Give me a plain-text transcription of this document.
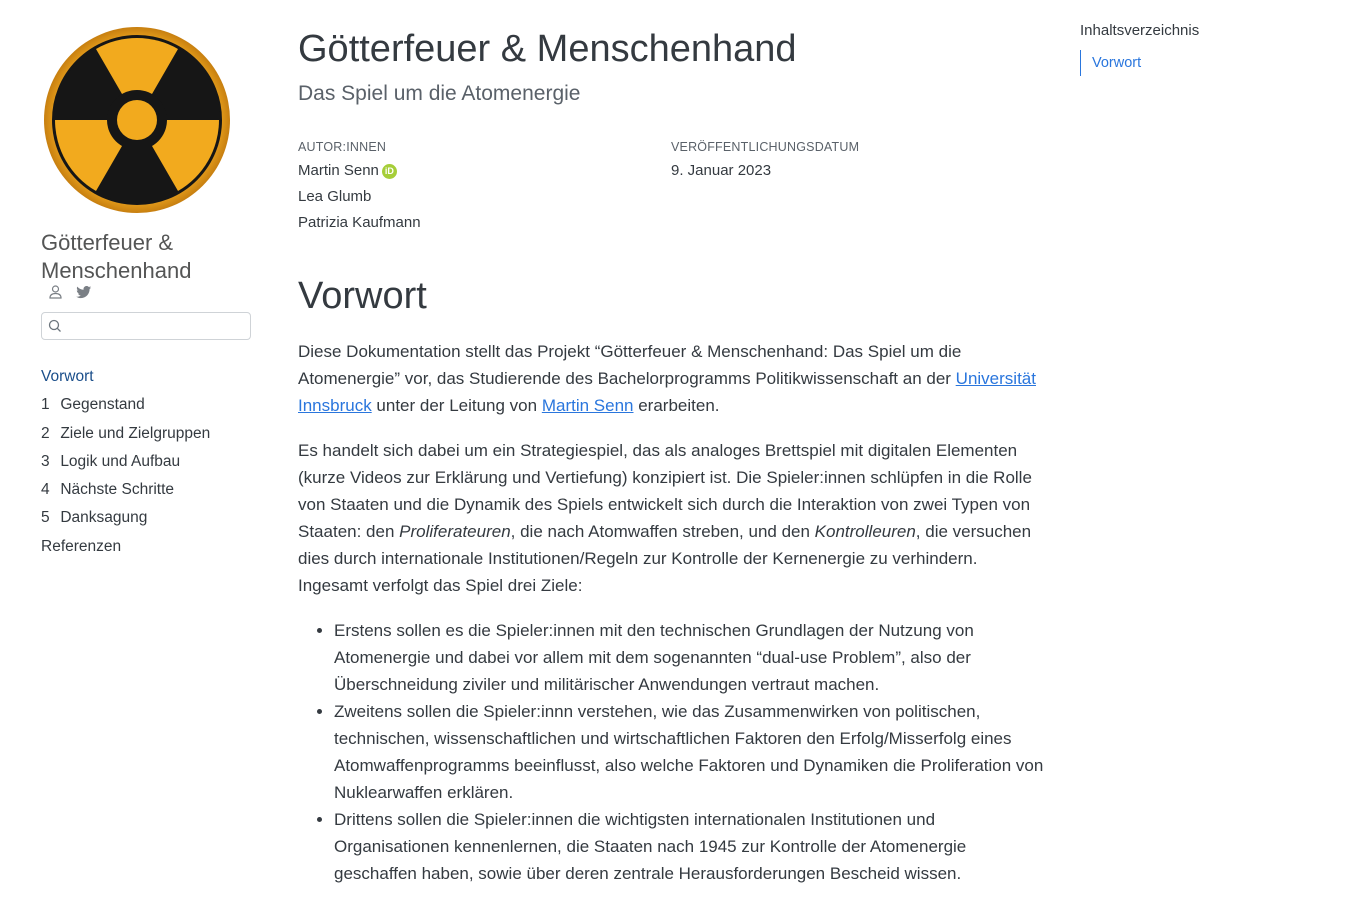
Götterfeuer & Menschenhand
Vorwort
1 Gegenstand
2 Ziele und Zielgruppen
3 Logik und Aufbau
4 Nächste Schritte
5 Danksagung
Referenzen
Götterfeuer & Menschenhand
Das Spiel um die Atomenergie
AUTOR:INNEN
Martin Senn iD
Lea Glumb
Patrizia Kaufmann
VERÖFFENTLICHUNGSDATUM
9. Januar 2023
Vorwort

Diese Dokumentation stellt das Projekt “Götterfeuer & Menschenhand: Das Spiel um die Atomenergie” vor, das Studierende des Bachelorprogramms Politikwissenschaft an der Universität Innsbruck unter der Leitung von Martin Senn erarbeiten.

Es handelt sich dabei um ein Strategiespiel, das als analoges Brettspiel mit digitalen Elementen (kurze Videos zur Erklärung und Vertiefung) konzipiert ist. Die Spieler:innen schlüpfen in die Rolle von Staaten und die Dynamik des Spiels entwickelt sich durch die Interaktion von zwei Typen von Staaten: den Proliferateuren, die nach Atomwaffen streben, und den Kontrolleuren, die versuchen dies durch internationale Institutionen/Regeln zur Kontrolle der Kernenergie zu verhindern. Ingesamt verfolgt das Spiel drei Ziele:

• Erstens sollen es die Spieler:innen mit den technischen Grundlagen der Nutzung von Atomenergie und dabei vor allem mit dem sogenannten “dual-use Problem”, also der Überschneidung ziviler und militärischer Anwendungen vertraut machen.
• Zweitens sollen die Spieler:innn verstehen, wie das Zusammenwirken von politischen, technischen, wissenschaftlichen und wirtschaftlichen Faktoren den Erfolg/Misserfolg eines Atomwaffenprogramms beeinflusst, also welche Faktoren und Dynamiken die Proliferation von Nuklearwaffen erklären.
• Drittens sollen die Spieler:innen die wichtigsten internationalen Institutionen und Organisationen kennenlernen, die Staaten nach 1945 zur Kontrolle der Atomenergie geschaffen haben, sowie über deren zentrale Herausforderungen Bescheid wissen.
Inhaltsverzeichnis
Vorwort
